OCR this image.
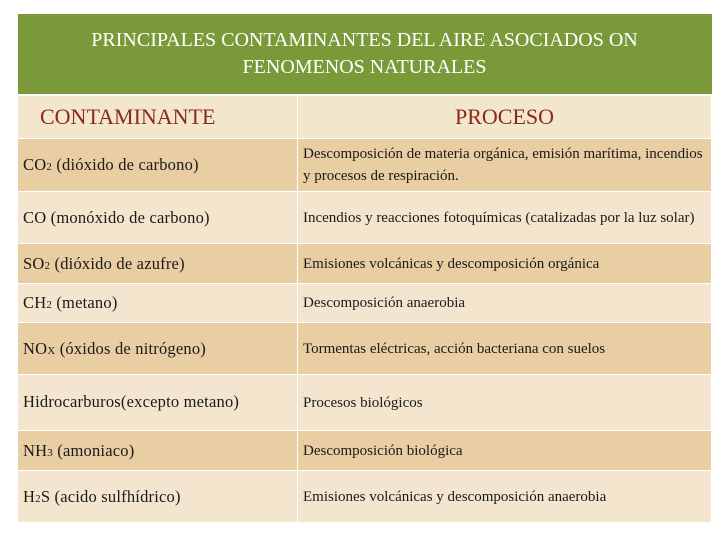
PRINCIPALES CONTAMINANTES DEL AIRE ASOCIADOS ON FENOMENOS NATURALES	
CONTAMINANTE	PROCESO
CO2 (dióxido de carbono)	Descomposición de materia orgánica, emisión marítima, incendios y procesos de respiración.
CO (monóxido de carbono)	Incendios y reacciones fotoquímicas (catalizadas por la luz solar)
SO2 (dióxido de azufre)	Emisiones volcánicas y descomposición orgánica
CH2 (metano)	Descomposición anaerobia
NOX (óxidos de nitrógeno)	Tormentas eléctricas, acción bacteriana con suelos
Hidrocarburos(excepto metano)	Procesos biológicos
NH3 (amoniaco)	Descomposición biológica
H2S (acido sulfhídrico)	Emisiones volcánicas y descomposición anaerobia
